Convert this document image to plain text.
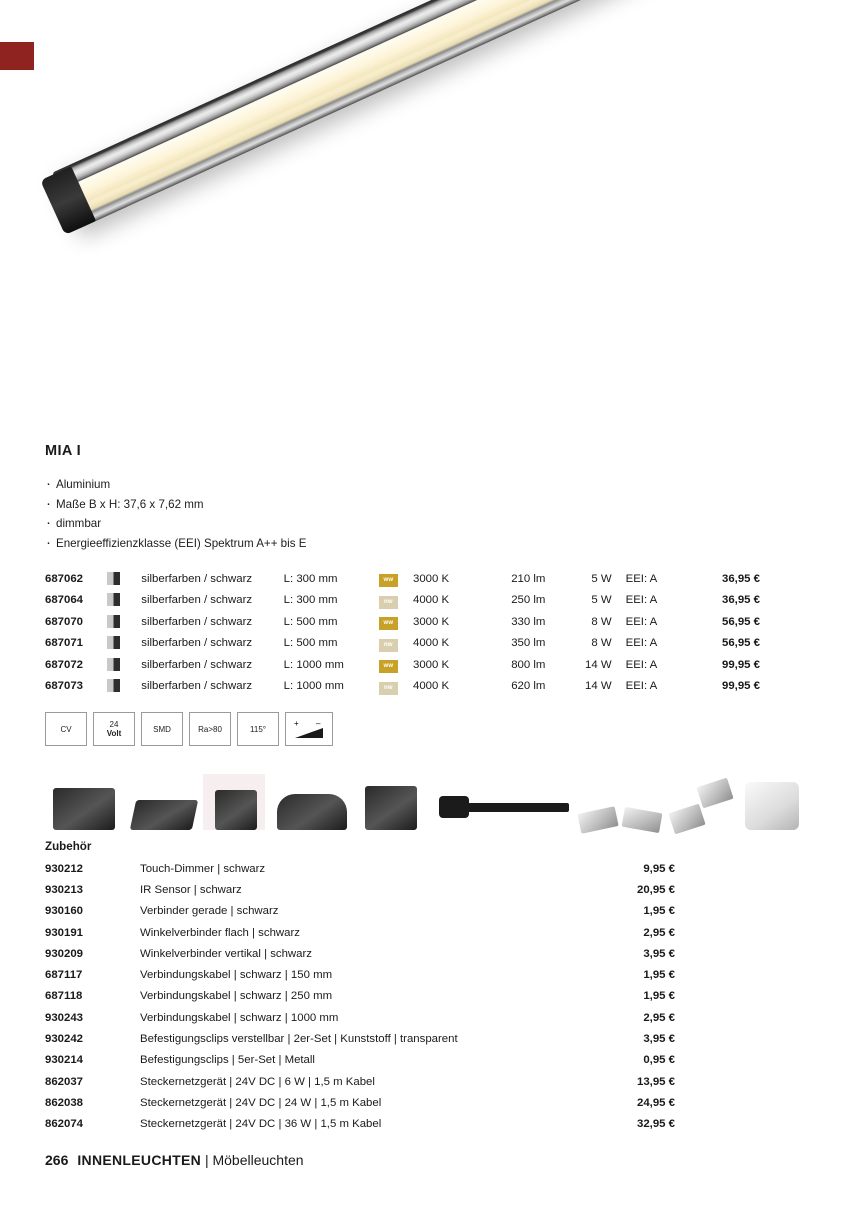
MIA I
· Aluminium
· Maße B x H: 37,6 x 7,62 mm
· dimmbar
· Energieeffizienzklasse (EEI) Spektrum A++ bis E
687062		silberfarben / schwarz	L: 300 mm	ww	3000 K	210 lm	5 W	EEI: A	36,95 €
687064		silberfarben / schwarz	L: 300 mm	nw	4000 K	250 lm	5 W	EEI: A	36,95 €
687070		silberfarben / schwarz	L: 500 mm	ww	3000 K	330 lm	8 W	EEI: A	56,95 €
687071		silberfarben / schwarz	L: 500 mm	nw	4000 K	350 lm	8 W	EEI: A	56,95 €
687072		silberfarben / schwarz	L: 1000 mm	ww	3000 K	800 lm	14 W	EEI: A	99,95 €
687073		silberfarben / schwarz	L: 1000 mm	nw	4000 K	620 lm	14 W	EEI: A	99,95 €
CV	24
Volt	SMD	Ra>80	115°
+ –
Zubehör
930212	Touch-Dimmer | schwarz	9,95 €
930213	IR Sensor | schwarz	20,95 €
930160	Verbinder gerade | schwarz	1,95 €
930191	Winkelverbinder flach | schwarz	2,95 €
930209	Winkelverbinder vertikal | schwarz	3,95 €
687117	Verbindungskabel | schwarz | 150 mm	1,95 €
687118	Verbindungskabel | schwarz | 250 mm	1,95 €
930243	Verbindungskabel | schwarz | 1000 mm	2,95 €
930242	Befestigungsclips verstellbar | 2er-Set | Kunststoff | transparent	3,95 €
930214	Befestigungsclips | 5er-Set | Metall	0,95 €
862037	Steckernetzgerät | 24V DC | 6 W | 1,5 m Kabel	13,95 €
862038	Steckernetzgerät | 24V DC | 24 W | 1,5 m Kabel	24,95 €
862074	Steckernetzgerät | 24V DC | 36 W | 1,5 m Kabel	32,95 €
266 INNENLEUCHTEN | Möbelleuchten
